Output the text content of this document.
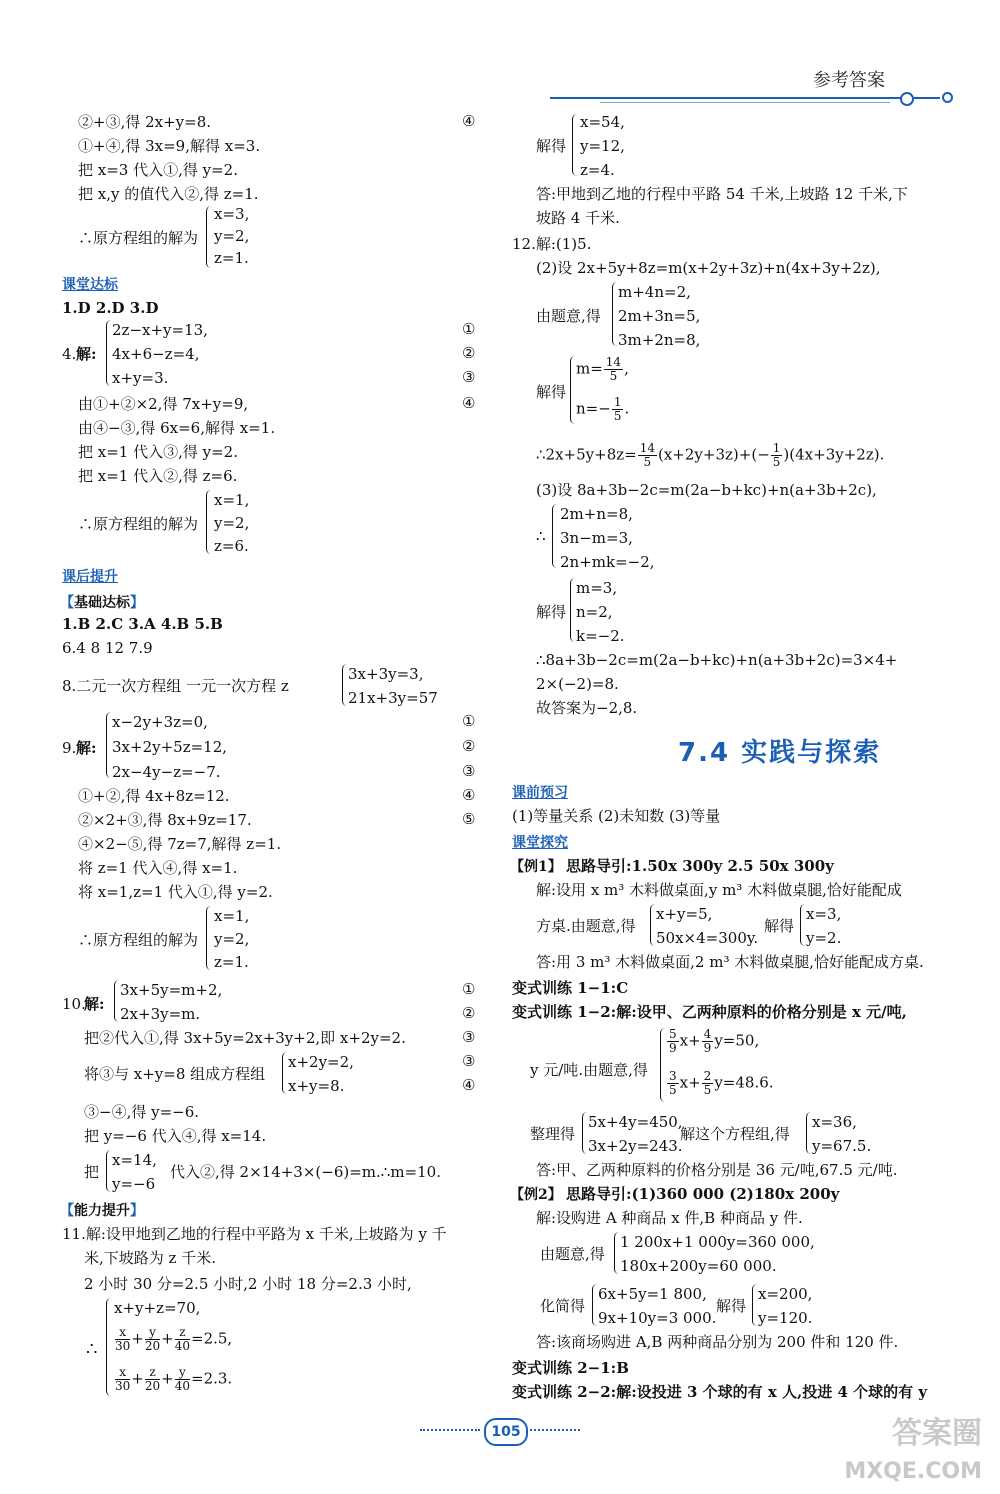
参考答案
②+③,得 2x+y=8.	④
①+④,得 3x=9,解得 x=3.
把 x=3 代入①,得 y=2.
把 x,y 的值代入②,得 z=1.
∴原方程组的解为
x=3,
y=2,
z=1.
课堂达标
1.D 2.D 3.D
4. 解:
2z−x+y=13,
4x+6−z=4,
x+y=3.
①
②
③
由①+②×2,得 7x+y=9,	④
由④−③,得 6x=6,解得 x=1.
把 x=1 代入③,得 y=2.
把 x=1 代入②,得 z=6.
∴原方程组的解为
x=1,
y=2,
z=6.
课后提升
【基础达标】
1.B 2.C 3.A 4.B 5.B
6.4 8 12 7.9
8.二元一次方程组 一元一次方程 z
3x+3y=3,
21x+3y=57
9. 解:
x−2y+3z=0,
3x+2y+5z=12,
2x−4y−z=−7.
①
②
③
①+②,得 4x+8z=12.	④
②×2+③,得 8x+9z=17.	⑤
④×2−⑤,得 7z=7,解得 z=1.
将 z=1 代入④,得 x=1.
将 x=1,z=1 代入①,得 y=2.
∴原方程组的解为
x=1,
y=2,
z=1.
10.
解:
3x+5y=m+2,
2x+3y=m.
①
②
把②代入①,得 3x+5y=2x+3y+2,即 x+2y=2.	③
将③与 x+y=8 组成方程组
x+2y=2,
x+y=8.
③
④
③−④,得 y=−6.
把 y=−6 代入④,得 x=14.
把
x=14,
y=−6
代入②,得 2×14+3×(−6)=m.∴m=10.
【能力提升】
11.解:设甲地到乙地的行程中平路为 x 千米,上坡路为 y 千
米,下坡路为 z 千米.
2 小时 30 分=2.5 小时,2 小时 18 分=2.3 小时,
∴
x+y+z=70,
$\frac{x}{30} + \frac{y}{20} + \frac{z}{40} =2.5$,
$\frac{x}{30} + \frac{z}{20} + \frac{y}{40} =2.3$.
解得
x=54,
y=12,
z=4.
答:甲地到乙地的行程中平路 54 千米,上坡路 12 千米,下
坡路 4 千米.
12.解:(1)5.
(2)设 2x+5y+8z=m(x+2y+3z)+n(4x+3y+2z),
由题意,得
m+4n=2,
2m+3n=5,
3m+2n=8,
解得
$m= \frac{14}{5}$ ,
$n=- \frac{1}{5}$ .
∴2x+5y+8z= $\frac{14}{5} (x+2y+3z)+(- \frac{1}{5} )(4x+3y+2z)$.
(3)设 8a+3b−2c=m(2a−b+kc)+n(a+3b+2c),
∴
2m+n=8,
3n−m=3,
2n+mk=−2,
解得
m=3,
n=2,
k=−2.
∴8a+3b−2c=m(2a−b+kc)+n(a+3b+2c)=3×4+
2×(−2)=8.
故答案为−2,8.
7.4 实践与探索
课前预习
(1)等量关系 (2)未知数 (3)等量
课堂探究
【例1】 思路导引:1.50x 300y 2.5 50x 300y
解:设用 x m³ 木料做桌面,y m³ 木料做桌腿,恰好能配成
方桌.由题意,得
x+y=5,
50x×4=300y.
解得
x=3,
y=2.
答:用 3 m³ 木料做桌面,2 m³ 木料做桌腿,恰好能配成方桌.
变式训练 1−1:C
变式训练 1−2:解:设甲、乙两种原料的价格分别是 x 元/吨,
y 元/吨.由题意,得
$\frac{5}{9} x+ \frac{4}{9} y=50$,
$\frac{3}{5} x+ \frac{2}{5} y=48.6$.
整理得
5x+4y=450,
3x+2y=243.
解这个方程组,得
x=36,
y=67.5.
答:甲、乙两种原料的价格分别是 36 元/吨,67.5 元/吨.
【例2】 思路导引:(1)360 000 (2)180x 200y
解:设购进 A 种商品 x 件,B 种商品 y 件.
由题意,得
1 200x+1 000y=360 000,
180x+200y=60 000.
化简得
6x+5y=1 800,
9x+10y=3 000.
解得
x=200,
y=120.
答:该商场购进 A,B 两种商品分别为 200 件和 120 件.
变式训练 2−1:B
变式训练 2−2:解:设投进 3 个球的有 x 人,投进 4 个球的有 y
105	答案圈
MXQE.COM
